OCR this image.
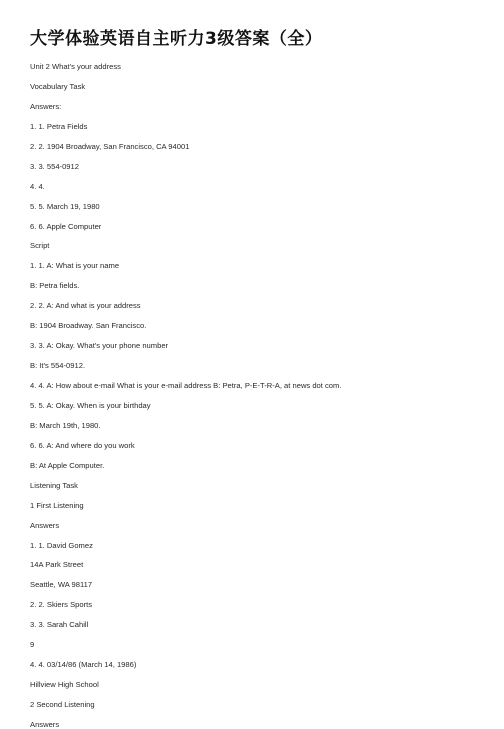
大学体验英语自主听力3级答案（全）
Unit 2 What's your address
Vocabulary Task
Answers:
1. 1. Petra Fields
2. 2. 1904 Broadway, San Francisco, CA 94001
3. 3. 554-0912
4. 4.
5. 5. March 19, 1980
6. 6. Apple Computer
Script
1. 1. A: What is your name
B: Petra fields.
2. 2. A: And what is your address
B: 1904 Broadway. San Francisco.
3. 3. A: Okay. What's your phone number
B: It's 554-0912.
4. 4. A: How about e-mail What is your e-mail address B: Petra, P-E-T-R-A, at news dot com.
5. 5. A: Okay. When is your birthday
B: March 19th, 1980.
6. 6. A: And where do you work
B: At Apple Computer.
Listening Task
1 First Listening
Answers
1. 1. David Gomez
14A Park Street
Seattle, WA 98117
2. 2. Skiers Sports
3. 3. Sarah Cahill
9
4. 4. 03/14/86 (March 14, 1986)
Hillview High School
2 Second Listening
Answers
